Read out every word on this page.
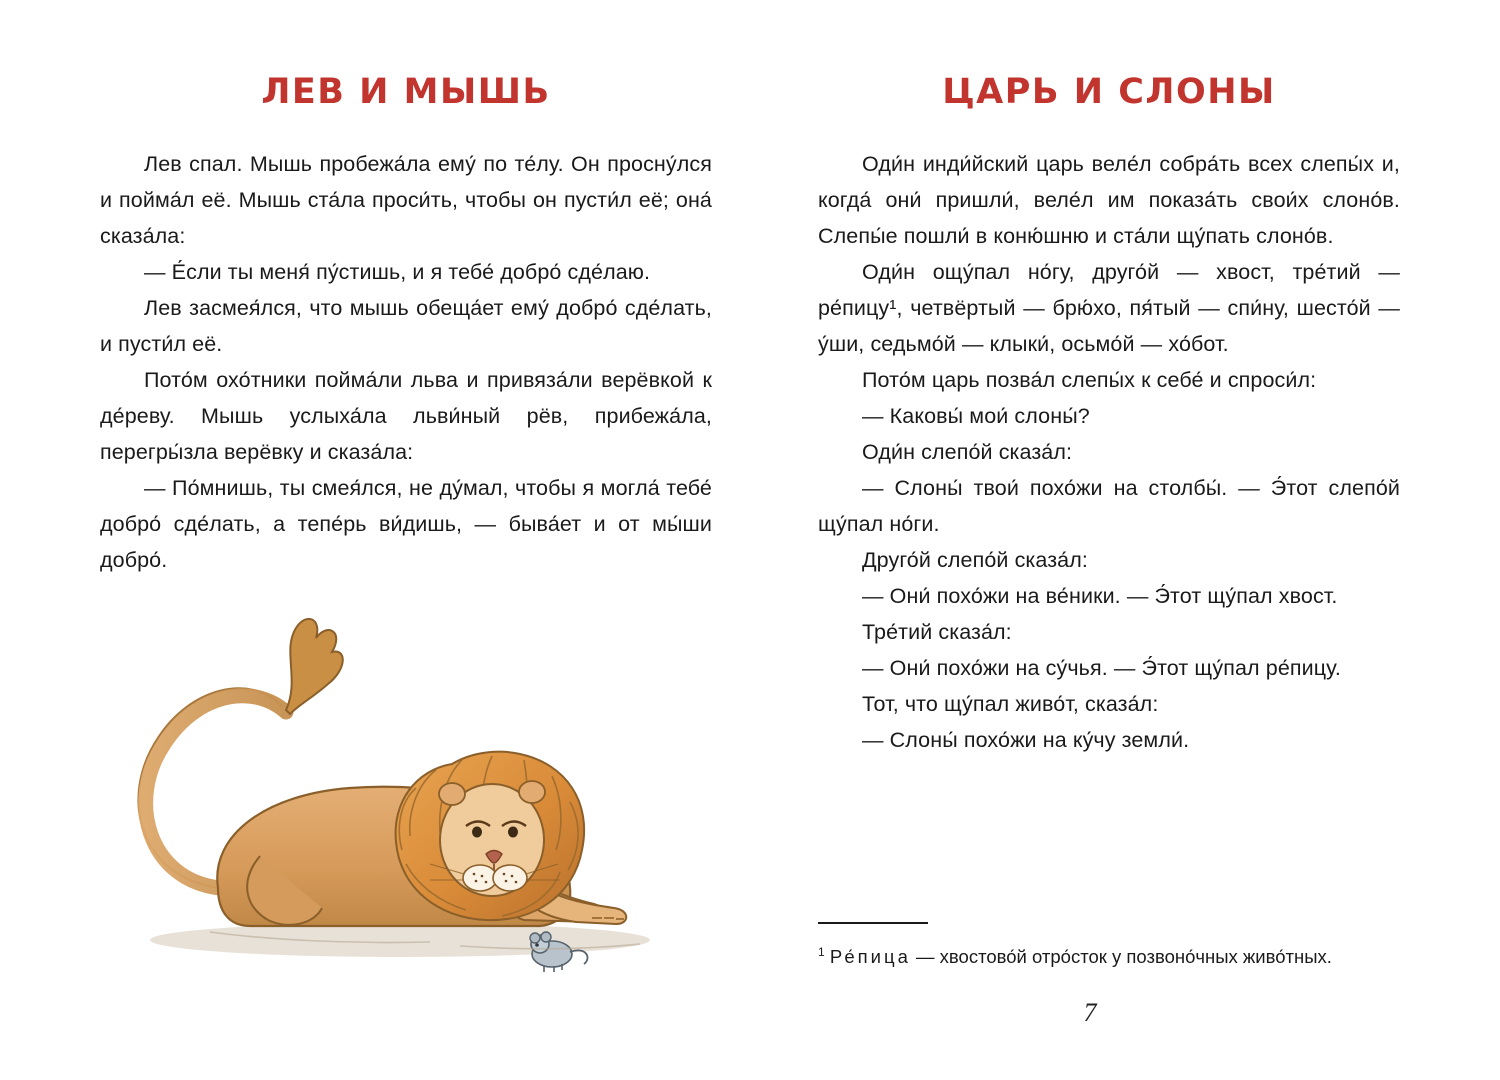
ЛЕВ И МЫШЬ

Лев спал. Мышь пробежа́ла ему́ по те́лу. Он просну́лся и пойма́л её. Мышь ста́ла проси́ть, чтобы он пусти́л её; она́ сказа́ла:

— Е́сли ты меня́ пу́стишь, и я тебе́ добро́ сде́лаю.

Лев засмея́лся, что мышь обеща́ет ему́ добро́ сде́лать, и пусти́л её.

Пото́м охо́тники пойма́ли льва и привяза́ли верёвкой к де́реву. Мышь услыха́ла льви́ный рёв, прибежа́ла, перегры́зла верёвку и сказа́ла:

— По́мнишь, ты смея́лся, не ду́мал, чтобы я могла́ тебе́ добро́ сде́лать, а тепе́рь ви́дишь, — быва́ет и от мы́ши добро́.

ЦАРЬ И СЛОНЫ

Оди́н инди́йский царь веле́л собра́ть всех слепы́х и, когда́ они́ пришли́, веле́л им показа́ть свои́х слоно́в. Слепы́е пошли́ в коню́шню и ста́ли щу́пать слоно́в.

Оди́н ощу́пал но́гу, друго́й — хвост, тре́тий — ре́пицу¹, четвёртый — брю́хо, пя́тый — спи́ну, шесто́й — у́ши, седьмо́й — клыки́, осьмо́й — хо́бот.

Пото́м царь позва́л слепы́х к себе́ и спроси́л:

— Каковы́ мои́ слоны́?

Оди́н слепо́й сказа́л:

— Слоны́ твои́ похо́жи на столбы́. — Э́тот слепо́й щу́пал но́ги.

Друго́й слепо́й сказа́л:

— Они́ похо́жи на ве́ники. — Э́тот щу́пал хвост.

Тре́тий сказа́л:

— Они́ похо́жи на су́чья. — Э́тот щу́пал ре́пицу.

Тот, что щу́пал живо́т, сказа́л:

— Слоны́ похо́жи на ку́чу земли́.

$^1$ Ре́пица — хвостово́й отро́сток у позвоно́чных живо́тных.

7
